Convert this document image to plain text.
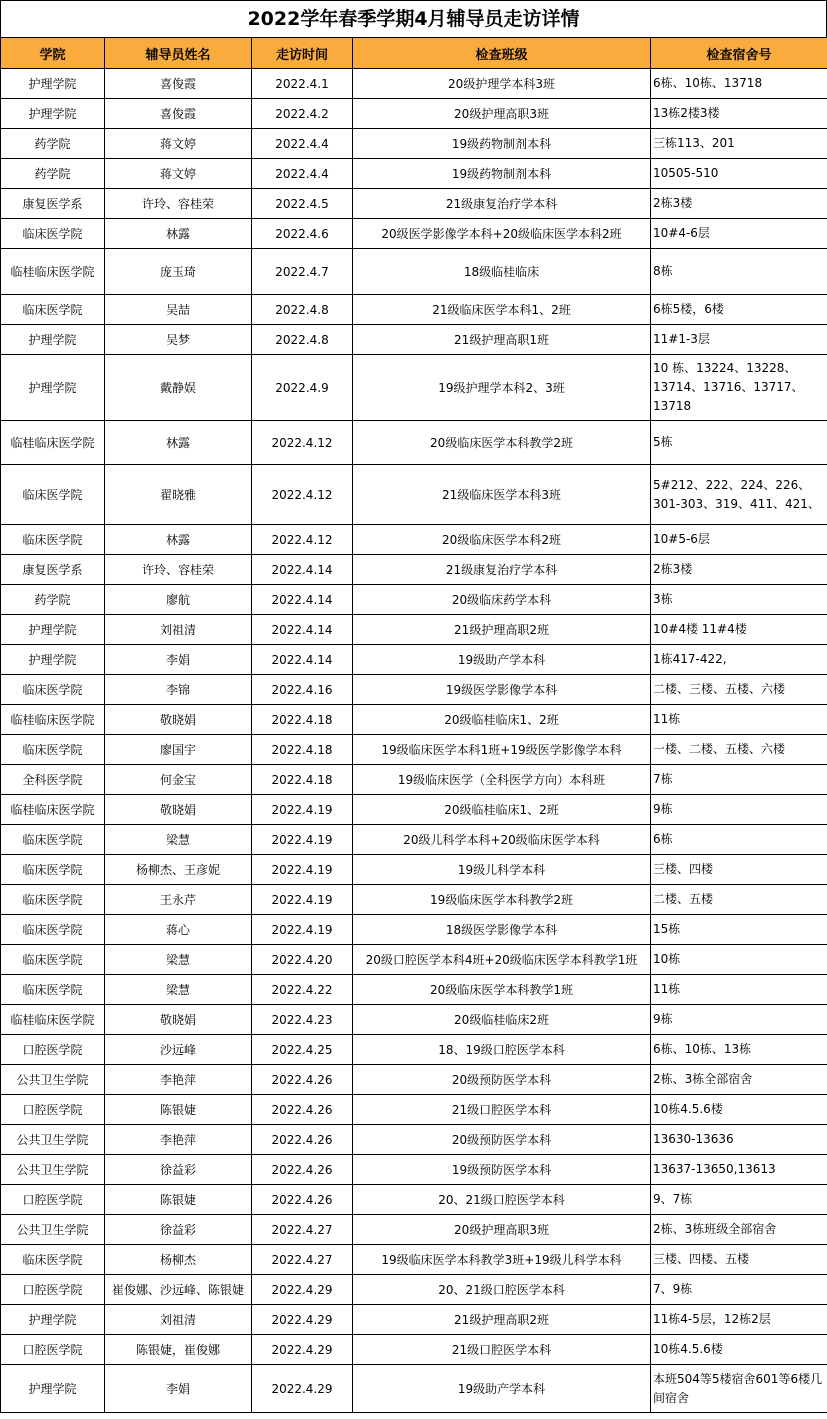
2022学年春季学期4月辅导员走访详情
学院	辅导员姓名	走访时间	检查班级	检查宿舍号
护理学院	喜俊霞	2022.4.1	20级护理学本科3班	6栋、10栋、13718
护理学院	喜俊霞	2022.4.2	20级护理高职3班	13栋2楼3楼
药学院	蒋文婷	2022.4.4	19级药物制剂本科	三栋113、201
药学院	蒋文婷	2022.4.4	19级药物制剂本科	10505-510
康复医学系	许玲、容桂荣	2022.4.5	21级康复治疗学本科	2栋3楼
临床医学院	林露	2022.4.6	20级医学影像学本科+20级临床医学本科2班	10#4-6层
临桂临床医学院	庞玉琦	2022.4.7	18级临桂临床	8栋
临床医学院	吴喆	2022.4.8	21级临床医学本科1、2班	6栋5楼，6楼
护理学院	吴梦	2022.4.8	21级护理高职1班	11#1-3层
护理学院	戴静娱	2022.4.9	19级护理学本科2、3班	10 栋、13224、13228、13714、13716、13717、13718
临桂临床医学院	林露	2022.4.12	20级临床医学本科教学2班	5栋
临床医学院	翟晓雅	2022.4.12	21级临床医学本科3班	5#212、222、224、226、301-303、319、411、421、
临床医学院	林露	2022.4.12	20级临床医学本科2班	10#5-6层
康复医学系	许玲、容桂荣	2022.4.14	21级康复治疗学本科	2栋3楼
药学院	廖航	2022.4.14	20级临床药学本科	3栋
护理学院	刘祖清	2022.4.14	21级护理高职2班	10#4楼 11#4楼
护理学院	李娟	2022.4.14	19级助产学本科	1栋417-422,
临床医学院	李锦	2022.4.16	19级医学影像学本科	二楼、三楼、五楼、六楼
临桂临床医学院	敬晓娟	2022.4.18	20级临桂临床1、2班	11栋
临床医学院	廖国宇	2022.4.18	19级临床医学本科1班+19级医学影像学本科	一楼、二楼、五楼、六楼
全科医学院	何金宝	2022.4.18	19级临床医学（全科医学方向）本科班	7栋
临桂临床医学院	敬晓娟	2022.4.19	20级临桂临床1、2班	9栋
临床医学院	梁慧	2022.4.19	20级儿科学本科+20级临床医学本科	6栋
临床医学院	杨柳杰、王彦妮	2022.4.19	19级儿科学本科	三楼、四楼
临床医学院	王永芹	2022.4.19	19级临床医学本科教学2班	二楼、五楼
临床医学院	蒋心	2022.4.19	18级医学影像学本科	15栋
临床医学院	梁慧	2022.4.20	20级口腔医学本科4班+20级临床医学本科教学1班	10栋
临床医学院	梁慧	2022.4.22	20级临床医学本科教学1班	11栋
临桂临床医学院	敬晓娟	2022.4.23	20级临桂临床2班	9栋
口腔医学院	沙远峰	2022.4.25	18、19级口腔医学本科	6栋、10栋、13栋
公共卫生学院	李艳萍	2022.4.26	20级预防医学本科	2栋、3栋全部宿舍
口腔医学院	陈银婕	2022.4.26	21级口腔医学本科	10栋4.5.6楼
公共卫生学院	李艳萍	2022.4.26	20级预防医学本科	13630-13636
公共卫生学院	徐益彩	2022.4.26	19级预防医学本科	13637-13650,13613
口腔医学院	陈银婕	2022.4.26	20、21级口腔医学本科	9、7栋
公共卫生学院	徐益彩	2022.4.27	20级护理高职3班	2栋、3栋班级全部宿舍
临床医学院	杨柳杰	2022.4.27	19级临床医学本科教学3班+19级儿科学本科	三楼、四楼、五楼
口腔医学院	崔俊娜、沙远峰、陈银婕	2022.4.29	20、21级口腔医学本科	7、9栋
护理学院	刘祖清	2022.4.29	21级护理高职2班	11栋4-5层，12栋2层
口腔医学院	陈银婕，崔俊娜	2022.4.29	21级口腔医学本科	10栋4.5.6楼
护理学院	李娟	2022.4.29	19级助产学本科	本班504等5楼宿舍601等6楼几间宿舍
